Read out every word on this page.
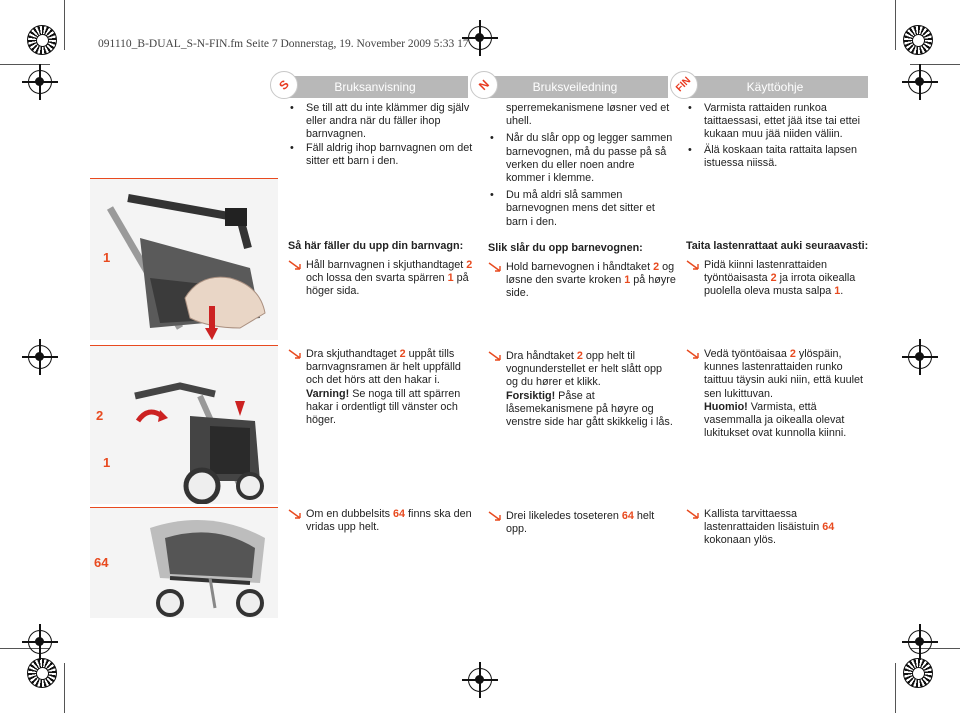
091110_B-DUAL_S-N-FIN.fm Seite 7 Donnerstag, 19. November 2009 5:33 17
Bruksanvisning
S	Bruksveiledning
N	Käyttöohje
FIN
1
2
1
64
• Se till att du inte klämmer dig själv eller andra när du fäller ihop barnvagnen.
• Fäll aldrig ihop barnvagnen om det sitter ett barn i den.
Så här fäller du upp din barnvagn:
Håll barnvagnen i skjuthandtaget 2 och lossa den svarta spärren 1 på höger sida.
Dra skjuthandtaget 2 uppåt tills barnvagnsramen är helt uppfälld och det hörs att den hakar i.
Varning! Se noga till att spärren hakar i ordentligt till vänster och höger.
Om en dubbelsits 64 finns ska den vridas upp helt.
sperremekanismene løsner ved et uhell.
• Når du slår opp og legger sammen barnevognen, må du passe på så verken du eller noen andre kommer i klemme.
• Du må aldri slå sammen barnevognen mens det sitter et barn i den.
Slik slår du opp barnevognen:
Hold barnevognen i håndtaket 2 og løsne den svarte kroken 1 på høyre side.
Dra håndtaket 2 opp helt til vognunderstellet er helt slått opp og du hører et klikk.
Forsiktig! Påse at låsemekanismene på høyre og venstre side har gått skikkelig i lås.
Drei likeledes toseteren 64 helt opp.
• Varmista rattaiden runkoa taittaessasi, ettet jää itse tai ettei kukaan muu jää niiden väliin.
• Älä koskaan taita rattaita lapsen istuessa niissä.
Taita lastenrattaat auki seuraavasti:
Pidä kiinni lastenrattaiden työntöaisasta 2 ja irrota oikealla puolella oleva musta salpa 1.
Vedä työntöaisaa 2 ylöspäin, kunnes lastenrattaiden runko taittuu täysin auki niin, että kuulet sen lukittuvan.
Huomio! Varmista, että vasemmalla ja oikealla olevat lukitukset ovat kunnolla kiinni.
Kallista tarvittaessa lastenrattaiden lisäistuin 64 kokonaan ylös.
